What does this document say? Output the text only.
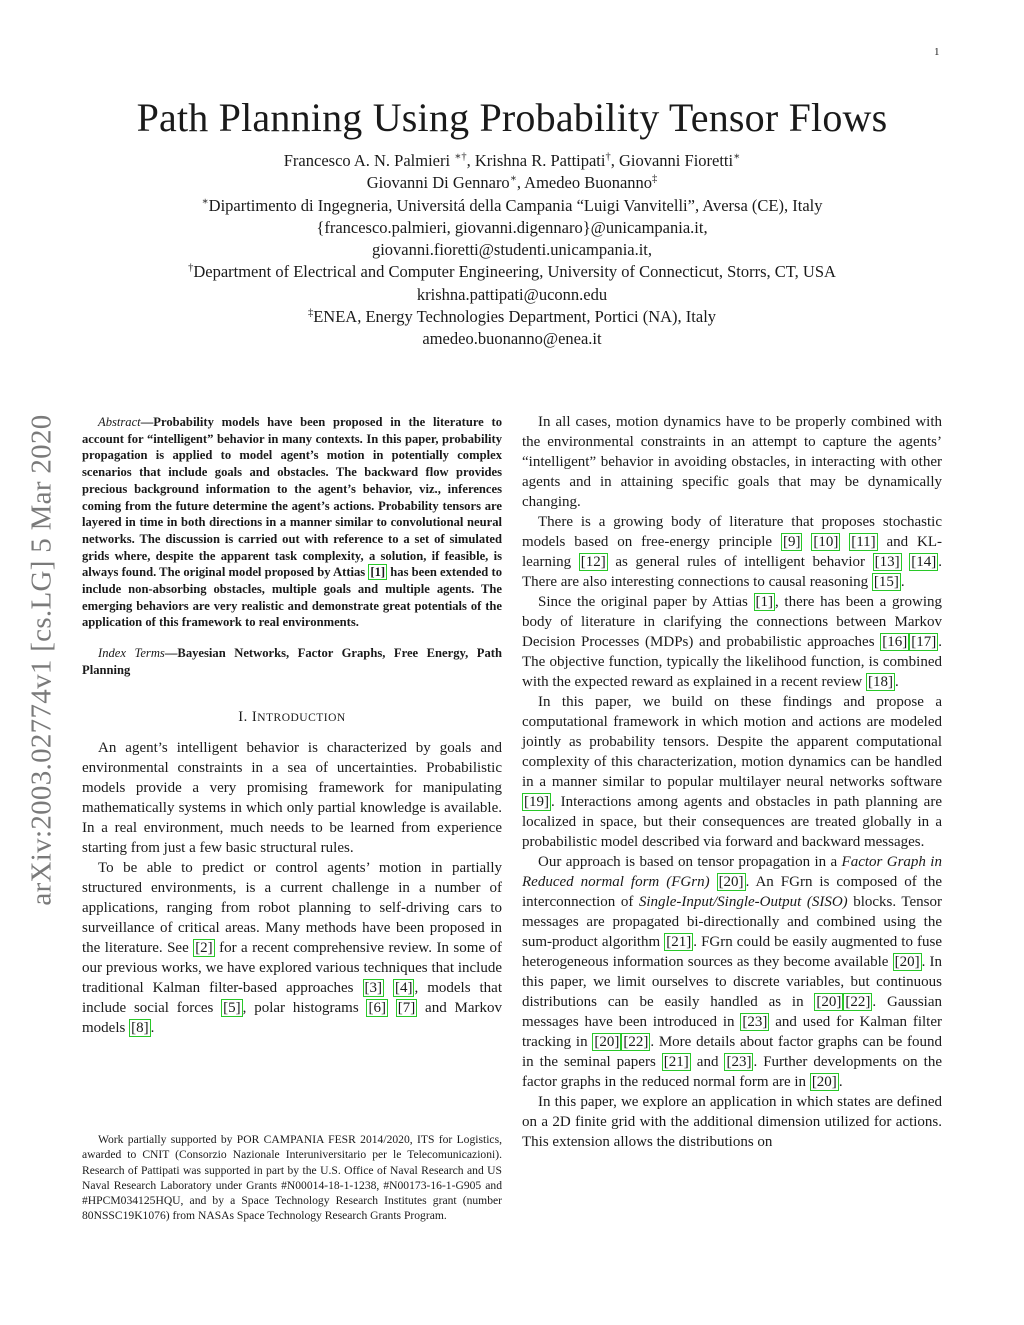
1
arXiv:2003.02774v1 [cs.LG] 5 Mar 2020
Path Planning Using Probability Tensor Flows
Francesco A. N. Palmieri ∗†, Krishna R. Pattipati†, Giovanni Fioretti∗
Giovanni Di Gennaro∗, Amedeo Buonanno‡
∗Dipartimento di Ingegneria, Universitá della Campania “Luigi Vanvitelli”, Aversa (CE), Italy
{francesco.palmieri, giovanni.digennaro}@unicampania.it,
giovanni.fioretti@studenti.unicampania.it,
†Department of Electrical and Computer Engineering, University of Connecticut, Storrs, CT, USA
krishna.pattipati@uconn.edu
‡ENEA, Energy Technologies Department, Portici (NA), Italy
amedeo.buonanno@enea.it

Abstract—Probability models have been proposed in the literature to account for “intelligent” behavior in many contexts. In this paper, probability propagation is applied to model agent’s motion in potentially complex scenarios that include goals and obstacles. The backward flow provides precious background information to the agent’s behavior, viz., inferences coming from the future determine the agent’s actions. Probability tensors are layered in time in both directions in a manner similar to convolutional neural networks. The discussion is carried out with reference to a set of simulated grids where, despite the apparent task complexity, a solution, if feasible, is always found. The original model proposed by Attias [1] has been extended to include non-absorbing obstacles, multiple goals and multiple agents. The emerging behaviors are very realistic and demonstrate great potentials of the application of this framework to real environments.

Index Terms—Bayesian Networks, Factor Graphs, Free Energy, Path Planning

I. INTRODUCTION

An agent’s intelligent behavior is characterized by goals and environmental constraints in a sea of uncertainties. Probabilistic models provide a very promising framework for manipulating mathematically systems in which only partial knowledge is available. In a real environment, much needs to be learned from experience starting from just a few basic structural rules.

To be able to predict or control agents’ motion in partially structured environments, is a current challenge in a number of applications, ranging from robot planning to self-driving cars to surveillance of critical areas. Many methods have been proposed in the literature. See [2] for a recent comprehensive review. In some of our previous works, we have explored various techniques that include traditional Kalman filter-based approaches [3] [4] , models that include social forces [5] , polar histograms [6] [7] and Markov models [8] .

Work partially supported by POR CAMPANIA FESR 2014/2020, ITS for Logistics, awarded to CNIT (Consorzio Nazionale Interuniversitario per le Telecomunicazioni). Research of Pattipati was supported in part by the U.S. Office of Naval Research and US Naval Research Laboratory under Grants #N00014-18-1-1238, #N00173-16-1-G905 and #HPCM034125HQU, and by a Space Technology Research Institutes grant (number 80NSSC19K1076) from NASAs Space Technology Research Grants Program.

In all cases, motion dynamics have to be properly combined with the environmental constraints in an attempt to capture the agents’ “intelligent” behavior in avoiding obstacles, in interacting with other agents and in attaining specific goals that may be dynamically changing.

There is a growing body of literature that proposes stochastic models based on free-energy principle [9] [10] [11] and KL-learning [12] as general rules of intelligent behavior [13] [14] . There are also interesting connections to causal reasoning [15] .

Since the original paper by Attias [1] , there has been a growing body of literature in clarifying the connections between Markov Decision Processes (MDPs) and probabilistic approaches [16] [17] . The objective function, typically the likelihood function, is combined with the expected reward as explained in a recent review [18] .

In this paper, we build on these findings and propose a computational framework in which motion and actions are modeled jointly as probability tensors. Despite the apparent computational complexity of this characterization, motion dynamics can be handled in a manner similar to popular multilayer neural networks software [19] . Interactions among agents and obstacles in path planning are localized in space, but their consequences are treated globally in a probabilistic model described via forward and backward messages.

Our approach is based on tensor propagation in a Factor Graph in Reduced normal form (FGrn) [20] . An FGrn is composed of the interconnection of Single-Input/Single-Output (SISO) blocks. Tensor messages are propagated bi-directionally and combined using the sum-product algorithm [21] . FGrn could be easily augmented to fuse heterogeneous information sources as they become available [20] . In this paper, we limit ourselves to discrete variables, but continuous distributions can be easily handled as in [20] [22] . Gaussian messages have been introduced in [23] and used for Kalman filter tracking in [20] [22] . More details about factor graphs can be found in the seminal papers [21] and [23] . Further developments on the factor graphs in the reduced normal form are in [20] .

In this paper, we explore an application in which states are defined on a 2D finite grid with the additional dimension utilized for actions. This extension allows the distributions on
